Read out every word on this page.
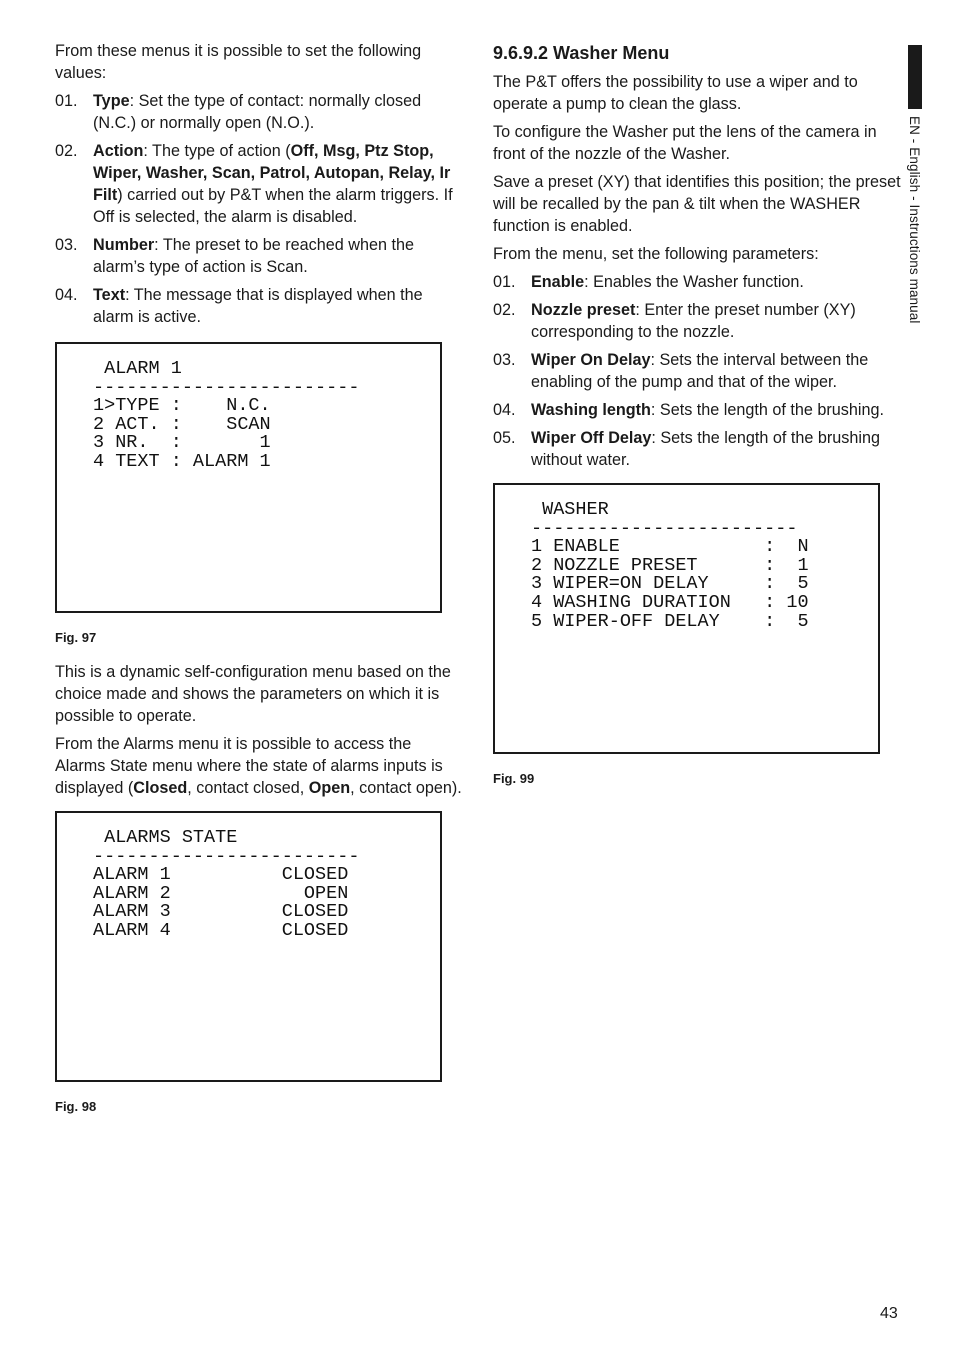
From these menus it is possible to set the following values:

01. Type: Set the type of contact: normally closed (N.C.) or normally open (N.O.).
02. Action: The type of action (Off, Msg, Ptz Stop, Wiper, Washer, Scan, Patrol, Autopan, Relay, Ir Filt) carried out by P&T when the alarm triggers. If Off is selected, the alarm is disabled.
03. Number: The preset to be reached when the alarm’s type of action is Scan.
04. Text: The message that is displayed when the alarm is active.
ALARM 1
------------------------
1>TYPE :    N.C.
2 ACT. :    SCAN
3 NR.  :       1
4 TEXT : ALARM 1

Fig. 97

This is a dynamic self-configuration menu based on the choice made and shows the parameters on which it is possible to operate.

From the Alarms menu it is possible to access the Alarms State menu where the state of alarms inputs is displayed (Closed, contact closed, Open, contact open).

ALARMS STATE
------------------------
ALARM 1          CLOSED
ALARM 2            OPEN
ALARM 3          CLOSED
ALARM 4          CLOSED

Fig. 98

9.6.9.2 Washer Menu

The P&T offers the possibility to use a wiper and to operate a pump to clean the glass.

To configure the Washer put the lens of the camera in front of the nozzle of the Washer.

Save a preset (XY) that identifies this position; the preset will be recalled by the pan & tilt when the WASHER function is enabled.

From the menu, set the following parameters:

01. Enable: Enables the Washer function.
02. Nozzle preset: Enter the preset number (XY) corresponding to the nozzle.
03. Wiper On Delay: Sets the interval between the enabling of the pump and that of the wiper.
04. Washing length: Sets the length of the brushing.
05. Wiper Off Delay: Sets the length of the brushing without water.
WASHER
------------------------
1 ENABLE             :  N
2 NOZZLE PRESET      :  1
3 WIPER=ON DELAY     :  5
4 WASHING DURATION   : 10
5 WIPER-OFF DELAY    :  5

Fig. 99

EN - English - Instructions manual
43
